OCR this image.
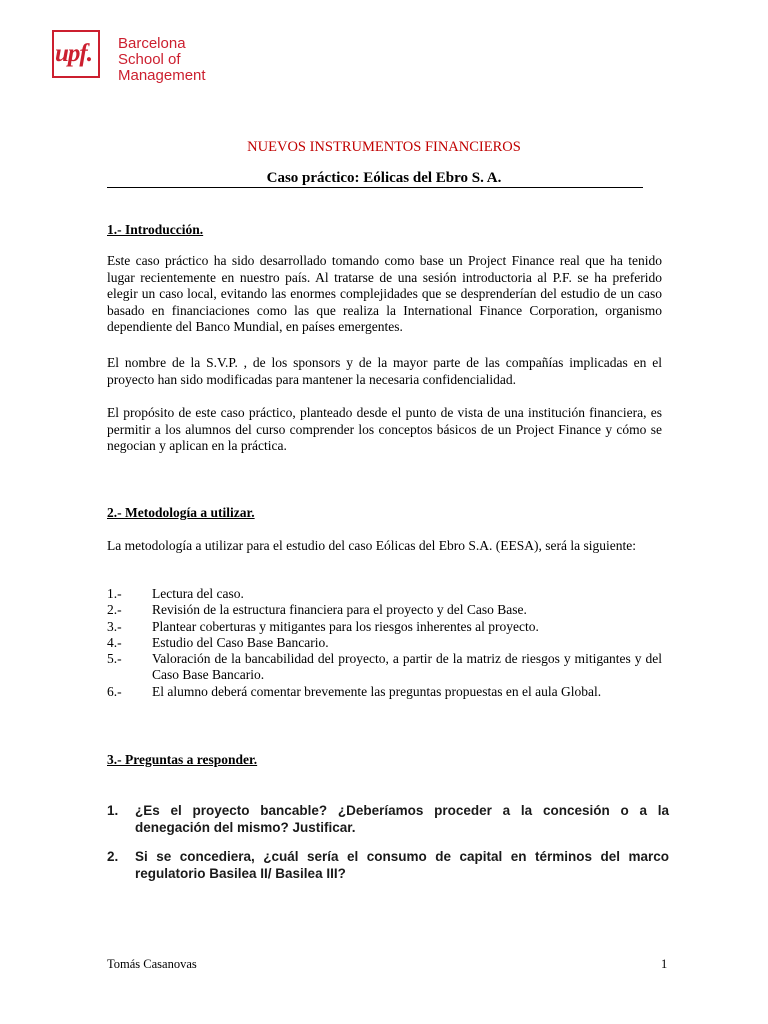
upf. Barcelona
School of
Management
NUEVOS INSTRUMENTOS FINANCIEROS
Caso práctico: Eólicas del Ebro S. A.
1.- Introducción.

Este caso práctico ha sido desarrollado tomando como base un Project Finance real que ha tenido lugar recientemente en nuestro país. Al tratarse de una sesión introductoria al P.F. se ha preferido elegir un caso local, evitando las enormes complejidades que se desprenderían del estudio de un caso basado en financiaciones como las que realiza la International Finance Corporation, organismo dependiente del Banco Mundial, en países emergentes.

El nombre de la S.V.P. , de los sponsors y de la mayor parte de las compañías implicadas en el proyecto han sido modificadas para mantener la necesaria confidencialidad.

El propósito de este caso práctico, planteado desde el punto de vista de una institución financiera, es permitir a los alumnos del curso comprender los conceptos básicos de un Project Finance y cómo se negocian y aplican en la práctica.

2.- Metodología a utilizar.

La metodología a utilizar para el estudio del caso Eólicas del Ebro S.A. (EESA), será la siguiente:

1.-	Lectura del caso.
2.-	Revisión de la estructura financiera para el proyecto y del Caso Base.
3.-	Plantear coberturas y mitigantes para los riesgos inherentes al proyecto.
4.-	Estudio del Caso Base Bancario.
5.-	Valoración de la bancabilidad del proyecto, a partir de la matriz de riesgos y mitigantes y del Caso Base Bancario.
6.-	El alumno deberá comentar brevemente las preguntas propuestas en el aula Global.
3.- Preguntas a responder.
1.	¿Es el proyecto bancable? ¿Deberíamos proceder a la concesión o a la denegación del mismo? Justificar.
2.	Si se concediera, ¿cuál sería el consumo de capital en términos del marco regulatorio Basilea II/ Basilea III?
Tomás Casanovas	1
